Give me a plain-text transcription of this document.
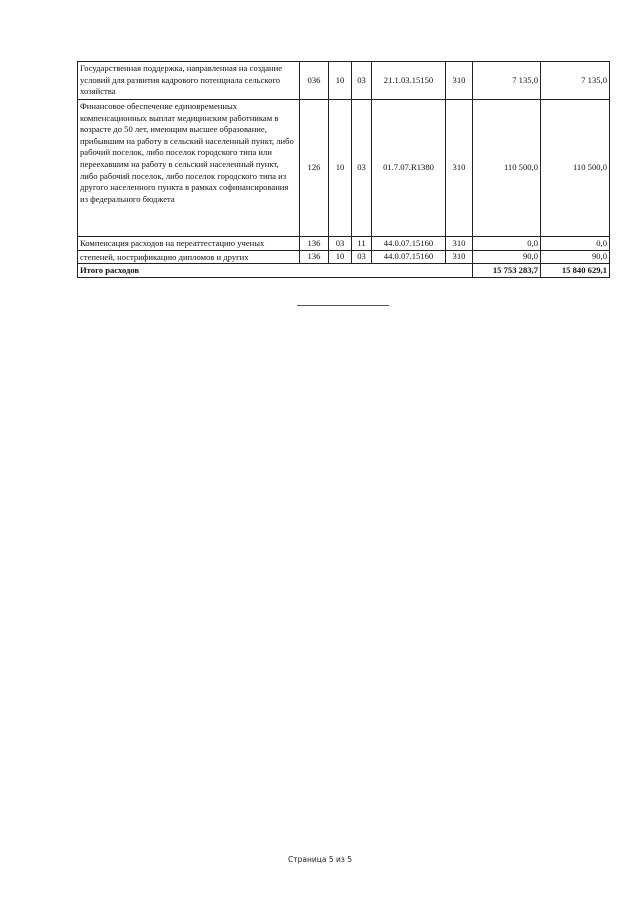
Государственная поддержка, направленная на создание условий для развития кадрового потенциала сельского хозяйства	036	10	03	21.1.03.15150	310	7 135,0	7 135,0
Финансовое обеспечение единовременных компенсационных выплат медицинским работникам в возрасте до 50 лет, имеющим высшее образование, прибывшим на работу в сельский населенный пункт, либо рабочий поселок, либо поселок городского типа или переехавшим на работу в сельский населенный пункт, либо рабочий поселок, либо поселок городского типа из другого населенного пункта в рамках софинансирования из федерального бюджета	126	10	03	01.7.07.R1380	310	110 500,0	110 500,0
Компенсация расходов на переаттестацию ученых	136	03	11	44.0.07.15160	310	0,0	0,0
степеней, нострификацию дипломов и других	136	10	03	44.0.07.15160	310	90,0	90,0
Итого расходов						15 753 283,7	15 840 629,1
Страница 5 из 5
